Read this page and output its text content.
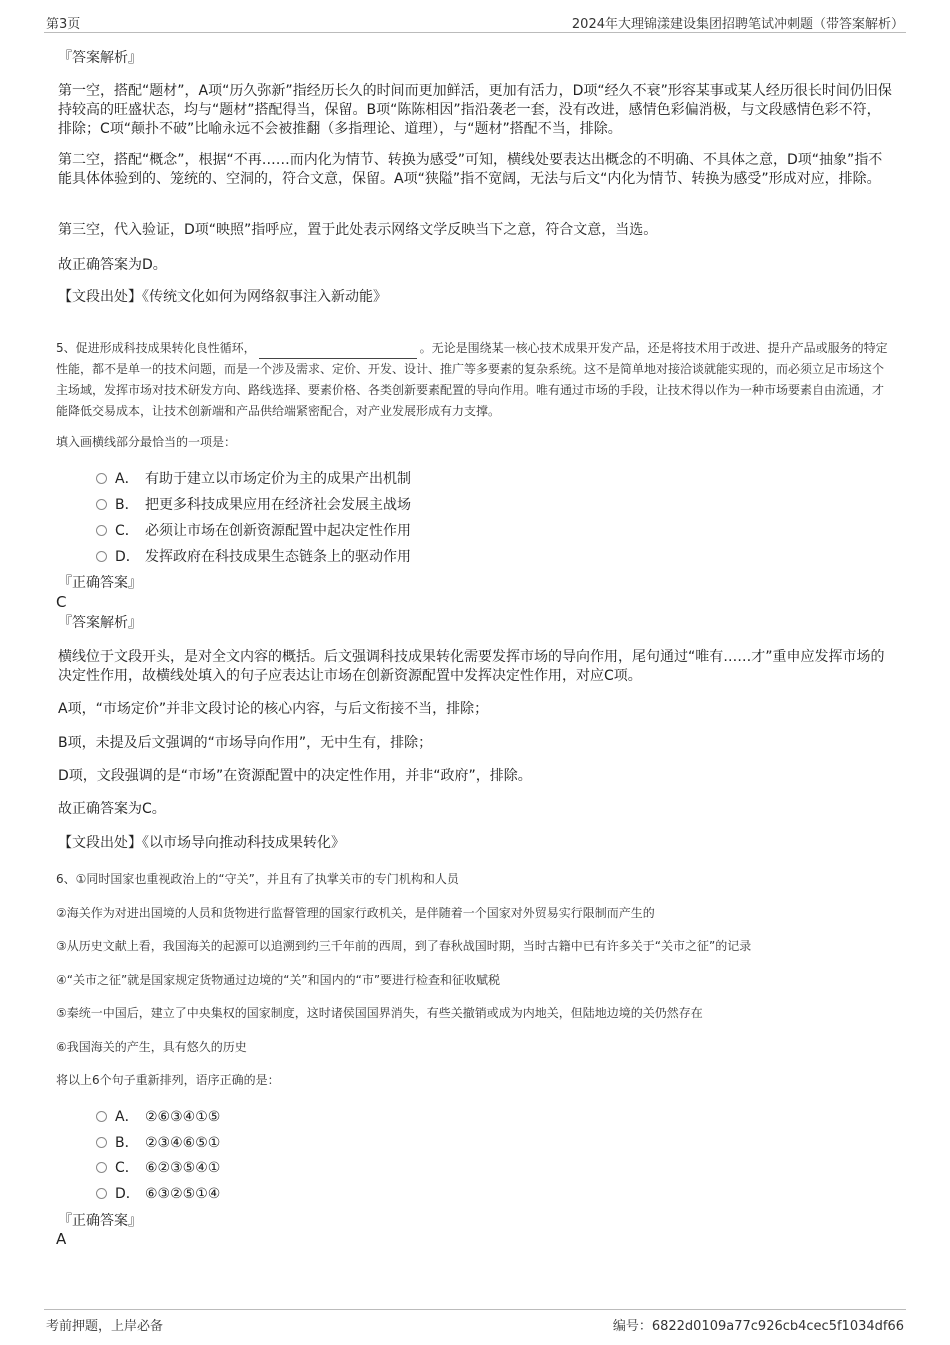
第3页	2024年大理锦漾建设集团招聘笔试冲刺题（带答案解析）
『答案解析』
第一空，搭配“题材”，A项“历久弥新”指经历长久的时间而更加鲜活，更加有活力，D项“经久不衰”形容某事或某人经历很长时间仍旧保持较高的旺盛状态，均与“题材”搭配得当，保留。B项“陈陈相因”指沿袭老一套，没有改进，感情色彩偏消极，与文段感情色彩不符，排除；C项“颠扑不破”比喻永远不会被推翻（多指理论、道理），与“题材”搭配不当，排除。
第二空，搭配“概念”，根据“不再……而内化为情节、转换为感受”可知，横线处要表达出概念的不明确、不具体之意，D项“抽象”指不能具体体验到的、笼统的、空洞的，符合文意，保留。A项“狭隘”指不宽阔，无法与后文“内化为情节、转换为感受”形成对应，排除。
第三空，代入验证，D项“映照”指呼应，置于此处表示网络文学反映当下之意，符合文意，当选。
故正确答案为D。
【文段出处】《传统文化如何为网络叙事注入新动能》
5、促进形成科技成果转化良性循环，	。无论是围绕某一核心技术成果开发产品，还是将技术用于改进、提升产品或服务的特定性能，都不是单一的技术问题，而是一个涉及需求、定价、开发、设计、推广等多要素的复杂系统。这不是简单地对接洽谈就能实现的，而必须立足市场这个主场域，发挥市场对技术研发方向、路线选择、要素价格、各类创新要素配置的导向作用。唯有通过市场的手段，让技术得以作为一种市场要素自由流通，才能降低交易成本，让技术创新端和产品供给端紧密配合，对产业发展形成有力支撑。
填入画横线部分最恰当的一项是：
A． 有助于建立以市场定价为主的成果产出机制
B． 把更多科技成果应用在经济社会发展主战场
C． 必须让市场在创新资源配置中起决定性作用
D． 发挥政府在科技成果生态链条上的驱动作用
『正确答案』
C
『答案解析』
横线位于文段开头，是对全文内容的概括。后文强调科技成果转化需要发挥市场的导向作用，尾句通过“唯有……才”重申应发挥市场的决定性作用，故横线处填入的句子应表达让市场在创新资源配置中发挥决定性作用，对应C项。
A项，“市场定价”并非文段讨论的核心内容，与后文衔接不当，排除；
B项，未提及后文强调的“市场导向作用”，无中生有，排除；
D项，文段强调的是“市场”在资源配置中的决定性作用，并非“政府”，排除。
故正确答案为C。
【文段出处】《以市场导向推动科技成果转化》
6、①同时国家也重视政治上的“守关”，并且有了执掌关市的专门机构和人员
②海关作为对进出国境的人员和货物进行监督管理的国家行政机关，是伴随着一个国家对外贸易实行限制而产生的
③从历史文献上看，我国海关的起源可以追溯到约三千年前的西周，到了春秋战国时期，当时古籍中已有许多关于“关市之征”的记录
④“关市之征”就是国家规定货物通过边境的“关”和国内的“市”要进行检查和征收赋税
⑤秦统一中国后，建立了中央集权的国家制度，这时诸侯国国界消失，有些关撤销或成为内地关，但陆地边境的关仍然存在
⑥我国海关的产生，具有悠久的历史
将以上6个句子重新排列，语序正确的是：
A． ②⑥③④①⑤
B． ②③④⑥⑤①
C． ⑥②③⑤④①
D． ⑥③②⑤①④
『正确答案』
A
考前押题，上岸必备	编号：6822d0109a77c926cb4cec5f1034df66
